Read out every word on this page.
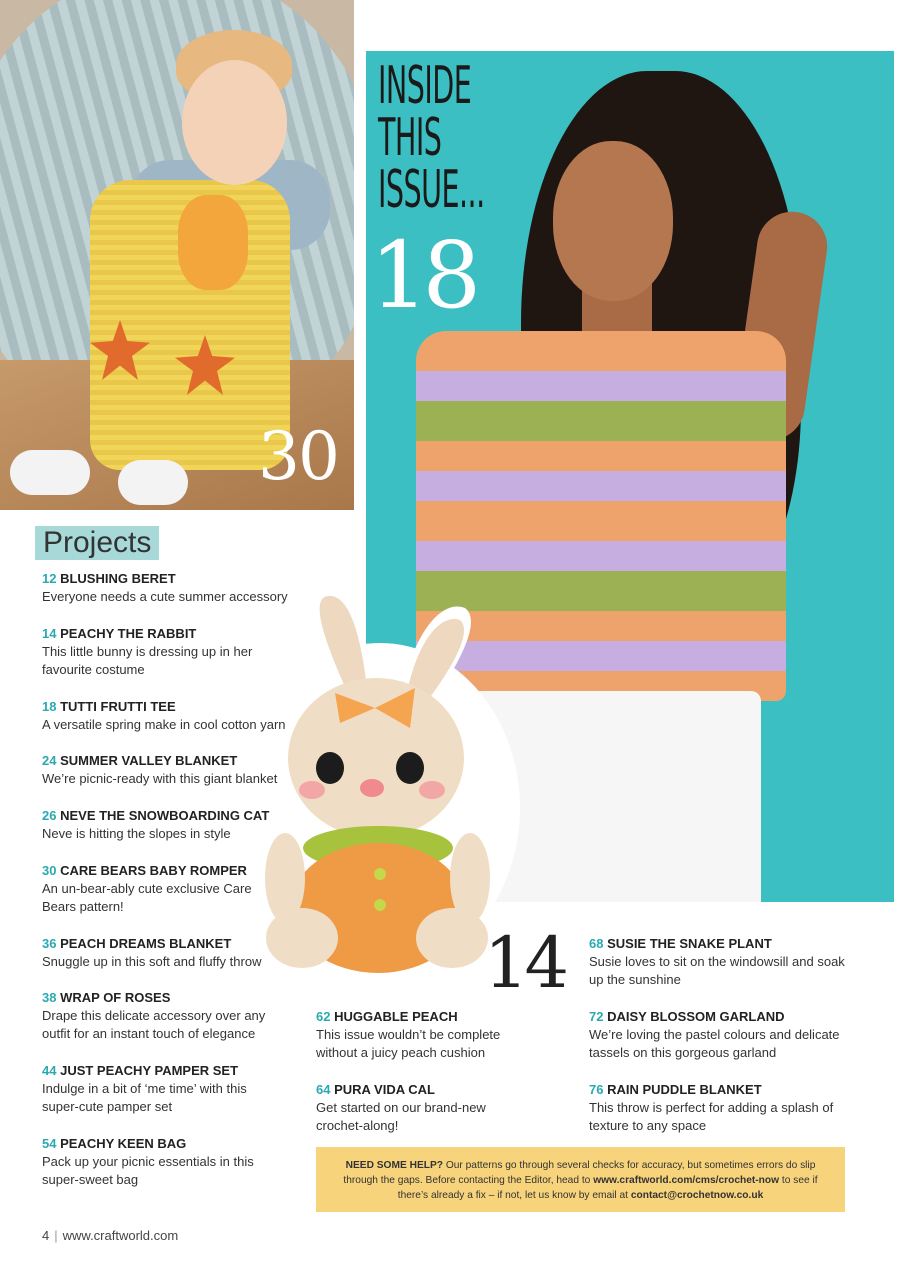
30
INSIDE
THIS
ISSUE...
18
14
Projects
12 BLUSHING BERET
Everyone needs a cute summer accessory
14 PEACHY THE RABBIT
This little bunny is dressing up in her favourite costume
18 TUTTI FRUTTI TEE
A versatile spring make in cool cotton yarn
24 SUMMER VALLEY BLANKET
We’re picnic-ready with this giant blanket
26 NEVE THE SNOWBOARDING CAT
Neve is hitting the slopes in style
30 CARE BEARS BABY ROMPER
An un-bear-ably cute exclusive Care Bears pattern!
36 PEACH DREAMS BLANKET
Snuggle up in this soft and fluffy throw
38 WRAP OF ROSES
Drape this delicate accessory over any outfit for an instant touch of elegance
44 JUST PEACHY PAMPER SET
Indulge in a bit of ‘me time’ with this super-cute pamper set
54 PEACHY KEEN BAG
Pack up your picnic essentials in this super-sweet bag
62 HUGGABLE PEACH
This issue wouldn’t be complete without a juicy peach cushion
64 PURA VIDA CAL
Get started on our brand-new crochet-along!
68 SUSIE THE SNAKE PLANT
Susie loves to sit on the windowsill and soak up the sunshine
72 DAISY BLOSSOM GARLAND
We’re loving the pastel colours and delicate tassels on this gorgeous garland
76 RAIN PUDDLE BLANKET
This throw is perfect for adding a splash of texture to any space
NEED SOME HELP? Our patterns go through several checks for accuracy, but sometimes errors do slip through the gaps. Before contacting the Editor, head to www.craftworld.com/cms/crochet-now to see if there’s already a fix – if not, let us know by email at contact@crochetnow.co.uk
4 | www.craftworld.com
